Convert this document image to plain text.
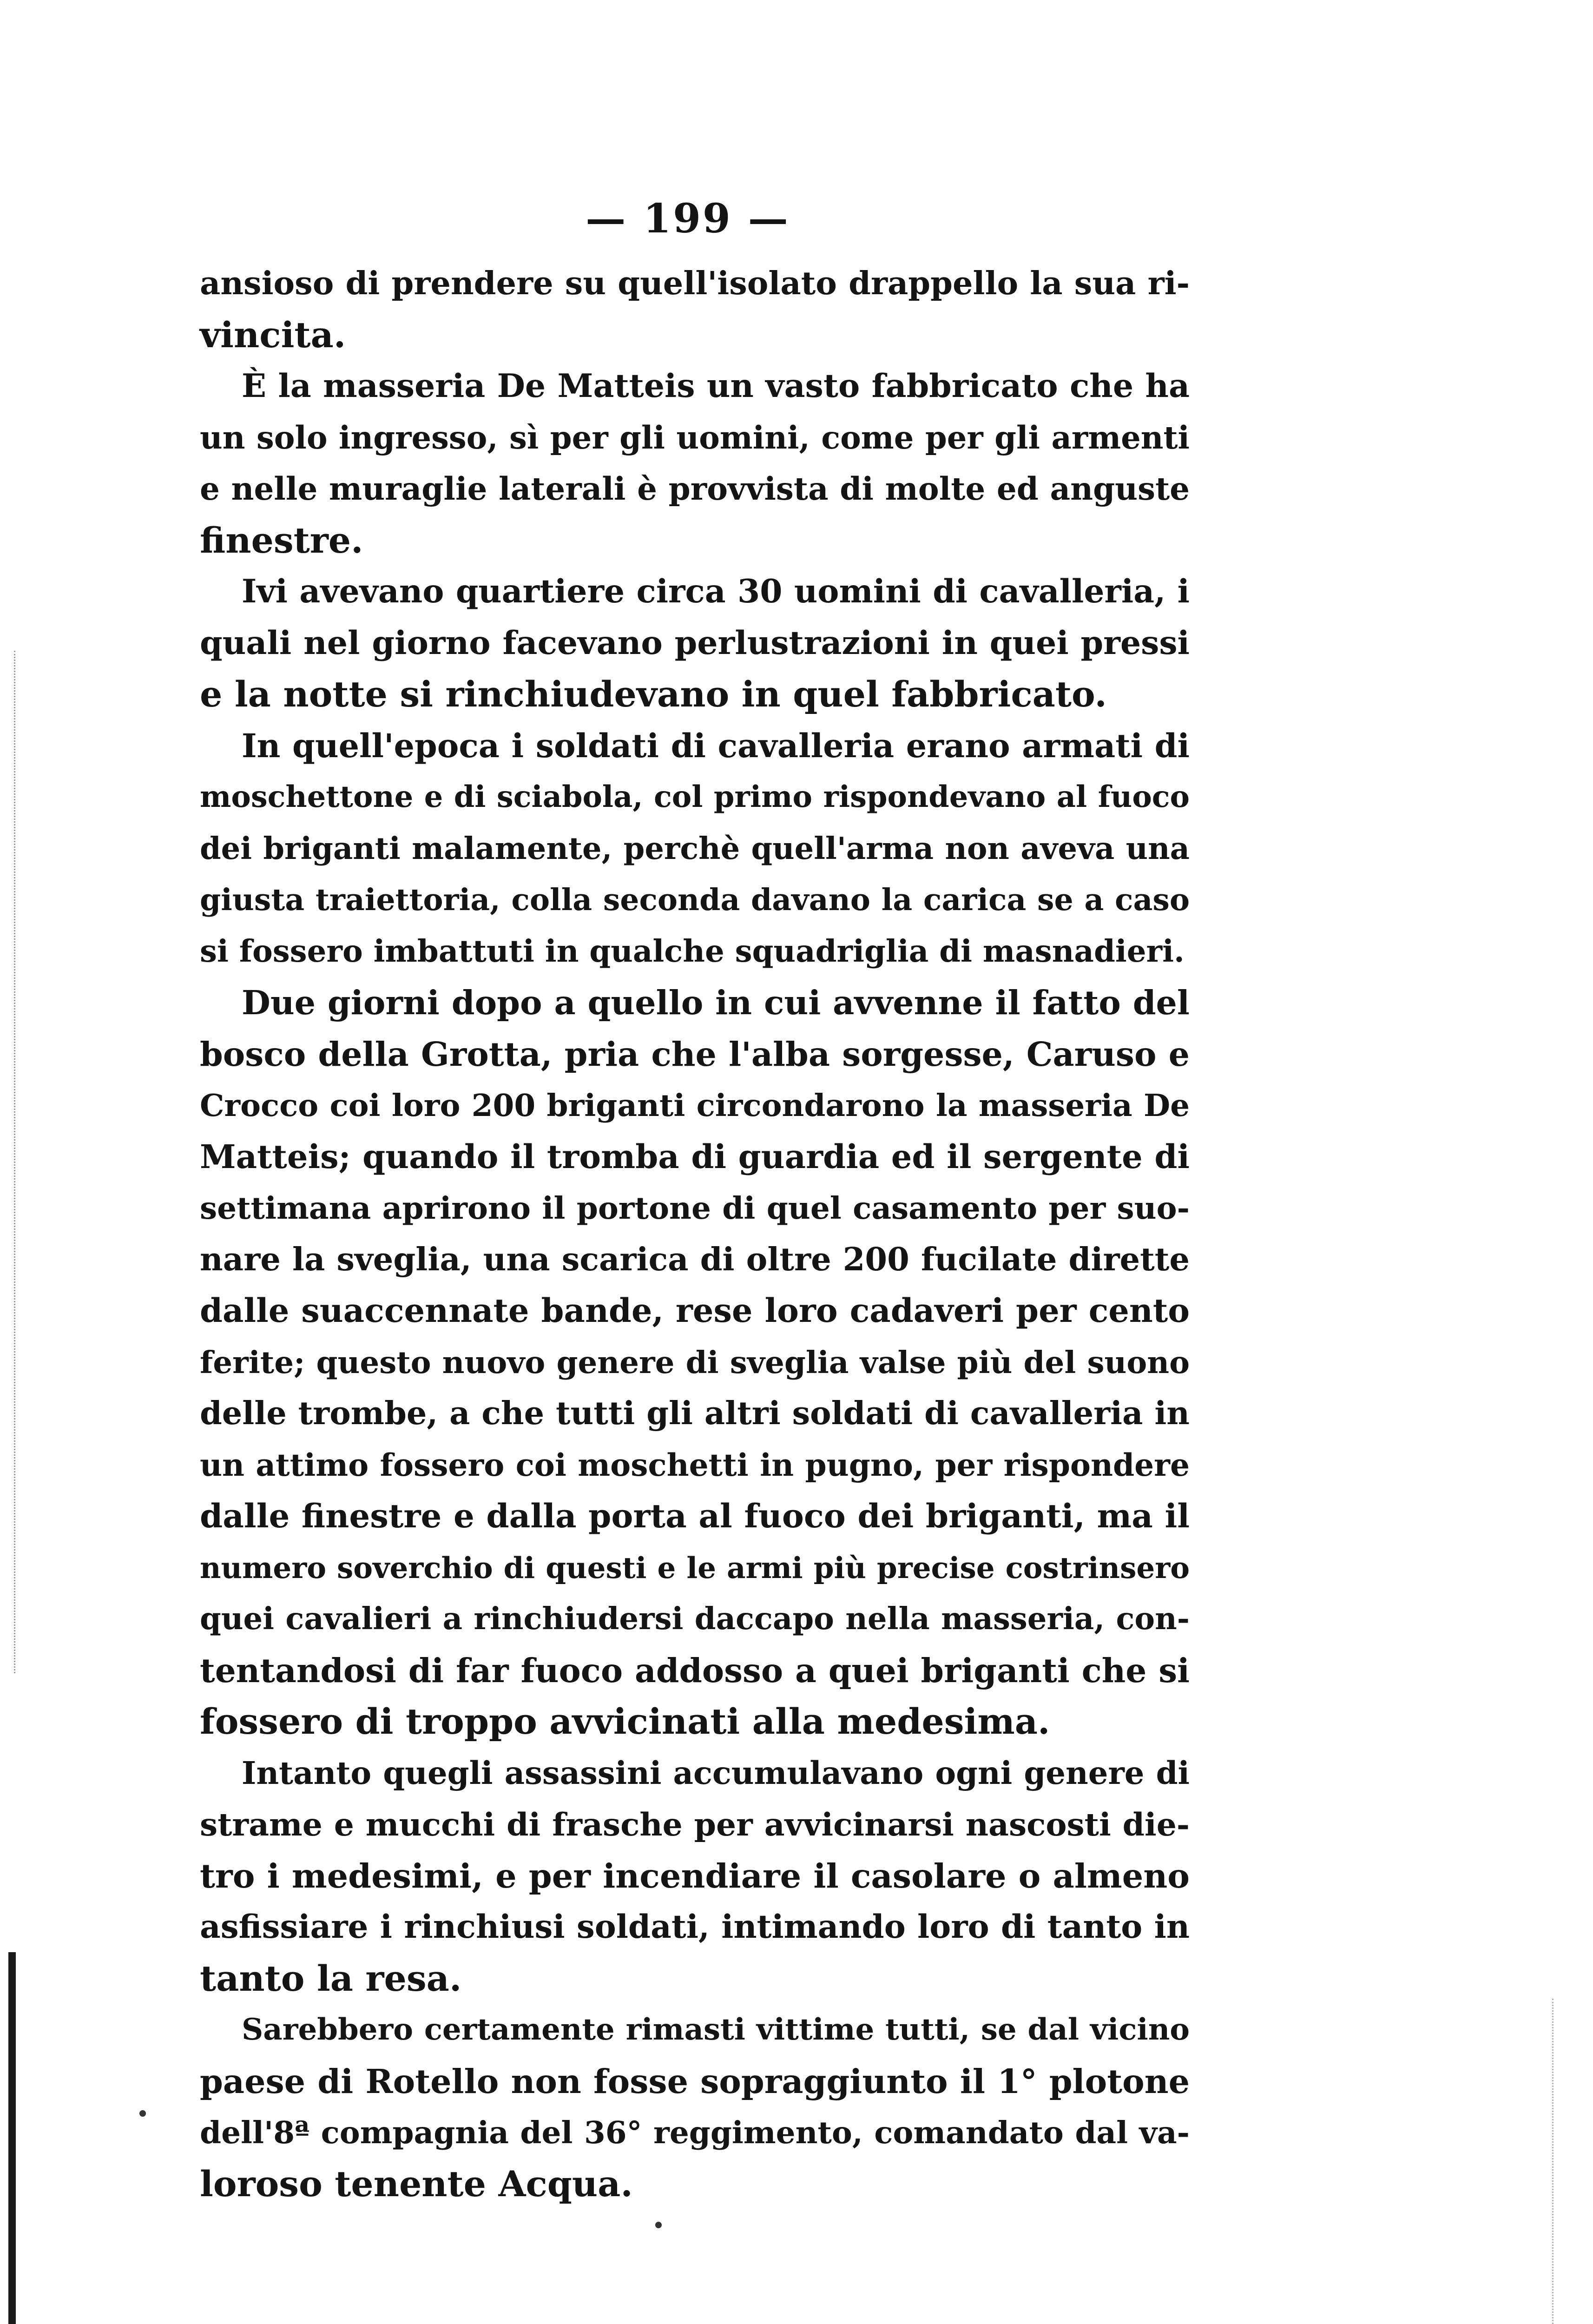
— 199 —
ansioso di prendere su quell'isolato drappello la sua ri-
vincita.
È la masseria De Matteis un vasto fabbricato che ha
un solo ingresso, sì per gli uomini, come per gli armenti
e nelle muraglie laterali è provvista di molte ed anguste
finestre.
Ivi avevano quartiere circa 30 uomini di cavalleria, i
quali nel giorno facevano perlustrazioni in quei pressi
e la notte si rinchiudevano in quel fabbricato.
In quell'epoca i soldati di cavalleria erano armati di
moschettone e di sciabola, col primo rispondevano al fuoco
dei briganti malamente, perchè quell'arma non aveva una
giusta traiettoria, colla seconda davano la carica se a caso
si fossero imbattuti in qualche squadriglia di masnadieri.
Due giorni dopo a quello in cui avvenne il fatto del
bosco della Grotta, pria che l'alba sorgesse, Caruso e
Crocco coi loro 200 briganti circondarono la masseria De
Matteis; quando il tromba di guardia ed il sergente di
settimana aprirono il portone di quel casamento per suo-
nare la sveglia, una scarica di oltre 200 fucilate dirette
dalle suaccennate bande, rese loro cadaveri per cento
ferite; questo nuovo genere di sveglia valse più del suono
delle trombe, a che tutti gli altri soldati di cavalleria in
un attimo fossero coi moschetti in pugno, per rispondere
dalle finestre e dalla porta al fuoco dei briganti, ma il
numero soverchio di questi e le armi più precise costrinsero
quei cavalieri a rinchiudersi daccapo nella masseria, con-
tentandosi di far fuoco addosso a quei briganti che si
fossero di troppo avvicinati alla medesima.
Intanto quegli assassini accumulavano ogni genere di
strame e mucchi di frasche per avvicinarsi nascosti die-
tro i medesimi, e per incendiare il casolare o almeno
asfissiare i rinchiusi soldati, intimando loro di tanto in
tanto la resa.
Sarebbero certamente rimasti vittime tutti, se dal vicino
paese di Rotello non fosse sopraggiunto il 1° plotone
dell'8ª compagnia del 36° reggimento, comandato dal va-
loroso tenente Acqua.
